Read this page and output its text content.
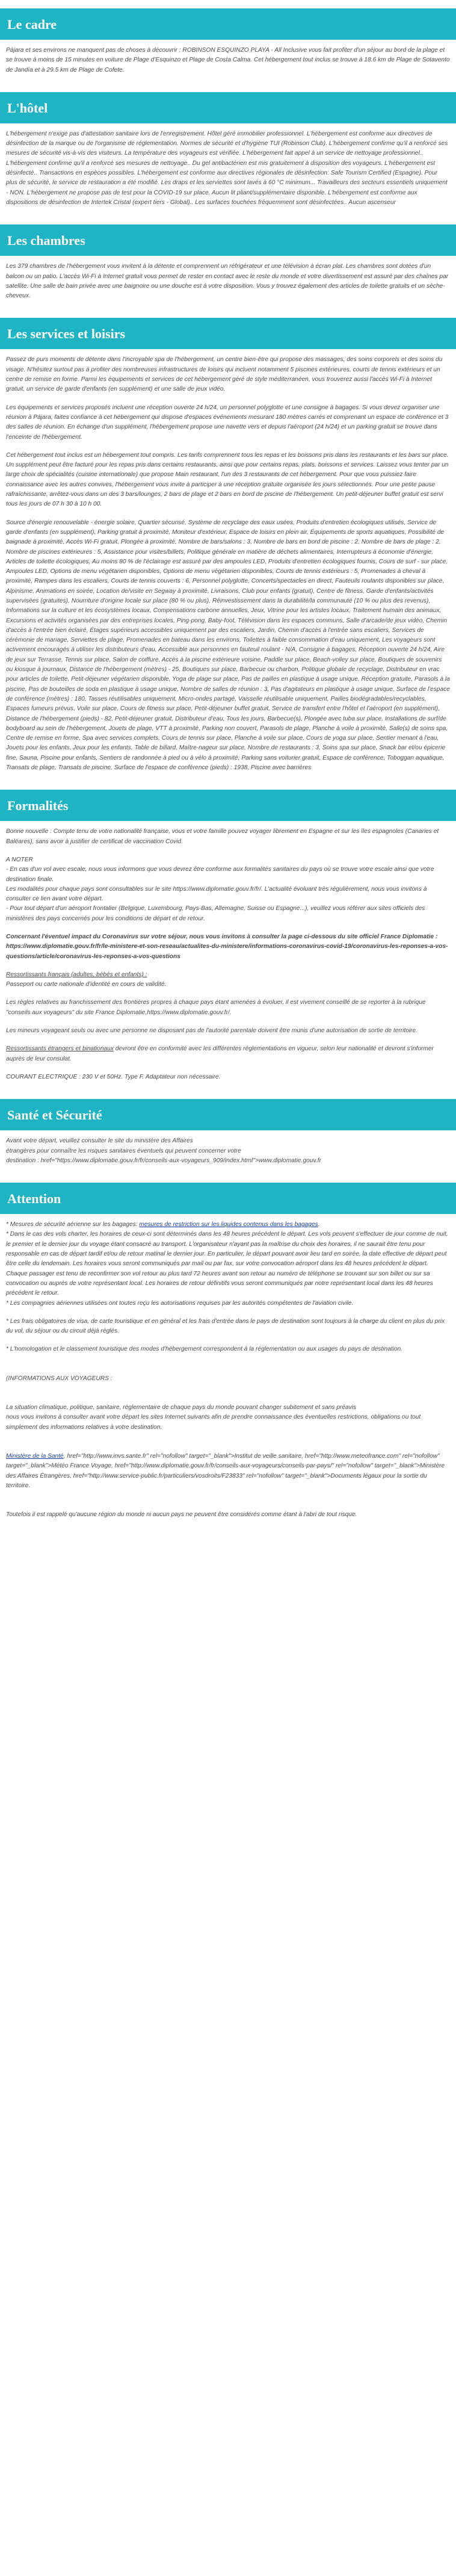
Le cadre

Pájara et ses environs ne manquent pas de choses à découvrir : ROBINSON ESQUINZO PLAYA - All Inclusive vous fait profiter d'un séjour au bord de la plage et se trouve à moins de 15 minutes en voiture de Plage d'Esquinzo et Plage de Costa Calma. Cet hébergement tout inclus se trouve à 18.6 km de Plage de Sotavento de Jandía et à 29.5 km de Plage de Cofete.

L'hôtel

L'hébergement n'exige pas d'attestation sanitaire lors de l'enregistrement. Hôtel géré immobilier professionnel. L'hébergement est conforme aux directives de désinfection de la marque ou de l'organisme de réglementation. Normes de sécurité et d'hygiène TUI (Robinson Club). L'hébergement confirme qu'il a renforcé ses mesures de sécurité vis-à-vis des visiteurs. La température des voyageurs est vérifiée. L'hébergement fait appel à un service de nettoyage professionnel.. L'hébergement confirme qu'il a renforcé ses mesures de nettoyage.. Du gel antibactérien est mis gratuitement à disposition des voyageurs. L'hébergement est désinfecté.. Transactions en espèces possibles. L'hébergement est conforme aux directives régionales de désinfection: Safe Tourism Certified (Espagne). Pour plus de sécurité, le service de restauration a été modifié. Les draps et les serviettes sont lavés à 60 °C minimum... Travailleurs des secteurs essentiels uniquement - NON. L'hébergement ne propose pas de test pour la COVID-19 sur place. Aucun lit pliant/supplémentaire disponible. L'hébergement est conforme aux dispositions de désinfection de Intertek Cristal (expert tiers - Global).. Les surfaces touchées fréquemment sont désinfectées.. Aucun ascenseur

Les chambres

Les 379 chambres de l'hébergement vous invitent à la détente et comprennent un réfrigérateur et une télévision à écran plat. Les chambres sont dotées d'un balcon ou un patio. L'accès Wi-Fi à Internet gratuit vous permet de rester en contact avec le reste du monde et votre divertissement est assuré par des chaînes par satellite. Une salle de bain privée avec une baignoire ou une douche est à votre disposition. Vous y trouvez également des articles de toilette gratuits et un sèche-cheveux.

Les services et loisirs

Passez de purs moments de détente dans l'incroyable spa de l'hébergement, un centre bien-être qui propose des massages, des soins corporels et des soins du visage. N'hésitez surtout pas à profiter des nombreuses infrastructures de loisirs qui incluent notamment 5 piscines extérieures, courts de tennis extérieurs et un centre de remise en forme. Parmi les équipements et services de cet hébergement géré de style méditerranéen, vous trouverez aussi l'accès Wi-Fi à Internet gratuit, un service de garde d'enfants (en supplément) et une salle de jeux vidéo.

Les équipements et services proposés incluent une réception ouverte 24 h/24, un personnel polyglotte et une consigne à bagages. Si vous devez organiser une réunion à Pájara, faites confiance à cet hébergement qui dispose d'espaces événements mesurant 180 mètres carrés et comprenant un espace de conférence et 3 des salles de réunion. En échange d'un supplément, l'hébergement propose une navette vers et depuis l'aéroport (24 h/24) et un parking gratuit se trouve dans l'enceinte de l'hébergement.

Cet hébergement tout inclus est un hébergement tout compris. Les tarifs comprennent tous les repas et les boissons pris dans les restaurants et les bars sur place. Un supplément peut être facturé pour les repas pris dans certains restaurants, ainsi que pour certains repas, plats, boissons et services. Laissez vous tenter par un large choix de spécialités (cuisine internationale) que propose Main restaurant, l'un des 3 restaurants de cet hébergement. Pour que vous puissiez faire connaissance avec les autres convives, l'hébergement vous invite à participer à une réception gratuite organisée les jours sélectionnés. Pour une petite pause rafraîchissante, arrêtez-vous dans un des 3 bars/lounges, 2 bars de plage et 2 bars en bord de piscine de l'hébergement. Un petit-déjeuner buffet gratuit est servi tous les jours de 07 h 30 à 10 h 00.

Source d'énergie renouvelable - énergie solaire, Quartier sécurisé, Système de recyclage des eaux usées, Produits d'entretien écologiques utilisés, Service de garde d'enfants (en supplément), Parking gratuit à proximité, Moniteur d'extérieur, Espace de loisirs en plein air, Équipements de sports aquatiques, Possibilité de baignade à proximité, Accès Wi-Fi gratuit, Plongée à proximité, Nombre de bars/salons : 3, Nombre de bars en bord de piscine : 2, Nombre de bars de plage : 2, Nombre de piscines extérieures : 5, Assistance pour visites/billets, Politique générale en matière de déchets alimentaires, Interrupteurs à économie d'énergie, Articles de toilette écologiques, Au moins 80 % de l'éclairage est assuré par des ampoules LED, Produits d'entretien écologiques fournis, Cours de surf - sur place, Ampoules LED, Options de menu végétarien disponibles, Options de menu végétarien disponibles, Courts de tennis extérieurs : 5, Promenades à cheval à proximité, Rampes dans les escaliers, Courts de tennis couverts : 6, Personnel polyglotte, Concerts/spectacles en direct, Fauteuils roulants disponibles sur place, Alpinisme, Animations en soirée, Location de/visite en Segway à proximité, Livraisons, Club pour enfants (gratuit), Centre de fitness, Garde d'enfants/activités supervisées (gratuites), Nourriture d'origine locale sur place (80 % ou plus), Réinvestissement dans la durabilité/la communauté (10 % ou plus des revenus), Informations sur la culture et les écosystèmes locaux, Compensations carbone annuelles, Jeux, Vitrine pour les artistes locaux, Traitement humain des animaux, Excursions et activités organisées par des entreprises locales, Ping-pong, Baby-foot, Télévision dans les espaces communs, Salle d'arcade/de jeux vidéo, Chemin d'accès à l'entrée bien éclairé, Étages supérieurs accessibles uniquement par des escaliers, Jardin, Chemin d'accès à l'entrée sans escaliers, Services de cérémonie de mariage, Serviettes de plage, Promenades en bateau dans les environs, Toilettes à faible consommation d'eau uniquement, Les voyageurs sont activement encouragés à utiliser les distributeurs d'eau, Accessible aux personnes en fauteuil roulant - N/A, Consigne à bagages, Réception ouverte 24 h/24, Aire de jeux sur Terrasse, Tennis sur place, Salon de coiffure, Accès à la piscine extérieure voisine, Paddle sur place, Beach-volley sur place, Boutiques de souvenirs ou kiosque à journaux, Distance de l'hébergement (mètres) - 25, Boutiques sur place, Barbecue ou charbon, Politique globale de recyclage, Distributeur en vrac pour articles de toilette, Petit-déjeuner végétarien disponible, Yoga de plage sur place, Pas de pailles en plastique à usage unique, Réception gratuite, Parasols à la piscine, Pas de bouteilles de soda en plastique à usage unique, Nombre de salles de réunion : 3, Pas d'agitateurs en plastique à usage unique, Surface de l'espace de conférence (mètres) : 180, Tasses réutilisables uniquement, Micro-ondes partagé, Vaisselle réutilisable uniquement, Pailles biodégradables/recyclables, Espaces fumeurs prévus, Voile sur place, Cours de fitness sur place, Petit-déjeuner buffet gratuit, Service de transfert entre l'hôtel et l'aéroport (en supplément), Distance de l'hébergement (pieds) - 82, Petit-déjeuner gratuit, Distributeur d'eau, Tous les jours, Barbecue(s), Plongée avec tuba sur place, Installations de surf/de bodyboard au sein de l'hébergement, Jouets de plage, VTT à proximité, Parking non couvert, Parasols de plage, Planche à voile à proximité, Salle(s) de soins spa, Centre de remise en forme, Spa avec services complets, Cours de tennis sur place, Planche à voile sur place, Cours de yoga sur place, Sentier menant à l'eau, Jouets pour les enfants, Jeux pour les enfants, Table de billard, Maître-nageur sur place, Nombre de restaurants : 3, Soins spa sur place, Snack bar et/ou épicerie fine, Sauna, Piscine pour enfants, Sentiers de randonnée à pied ou à vélo à proximité, Parking sans voiturier gratuit, Espace de conférence, Toboggan aquatique, Transats de plage, Transats de piscine, Surface de l'espace de conférence (pieds) : 1938, Piscine avec barrières

Formalités

Bonne nouvelle : Compte tenu de votre nationalité française, vous et votre famille pouvez voyager librement en Espagne et sur les îles espagnoles (Canaries et Baléares), sans avoir à justifier de certificat de vaccination Covid.

A NOTER
- En cas d'un vol avec escale, nous vous informons que vous devrez être conforme aux formalités sanitaires du pays où se trouve votre escale ainsi que votre destination finale.
Les modalités pour chaque pays sont consultables sur le site https://www.diplomatie.gouv.fr/fr/. L'actualité évoluant très régulièrement, nous vous invitons à consulter ce lien avant votre départ.
- Pour tout départ d'un aéroport frontalier (Belgique, Luxembourg, Pays-Bas, Allemagne, Suisse ou Espagne...), veuillez vous référer aux sites officiels des ministères des pays concernés pour les conditions de départ et de retour.

Concernant l'éventuel impact du Coronavirus sur votre séjour, nous vous invitons à consulter la page ci-dessous du site officiel France Diplomatie :
https://www.diplomatie.gouv.fr/fr/le-ministere-et-son-reseau/actualites-du-ministere/informations-coronavirus-covid-19/coronavirus-les-reponses-a-vos-questions/article/coronavirus-les-reponses-a-vos-questions

Ressortissants français (adultes, bébés et enfants) :

Passeport ou carte nationale d'identité en cours de validité.

Les règles relatives au franchissement des frontières propres à chaque pays étant amenées à évoluer, il est vivement conseillé de se reporter à la rubrique "conseils aux voyageurs" du site France Diplomatie,https://www.diplomatie.gouv.fr/.

Les mineurs voyageant seuls ou avec une personne ne disposant pas de l'autorité parentale doivent être munis d'une autorisation de sortie de territoire.

Ressortissants étrangers et binationaux devront être en conformité avec les différentes réglementations en vigueur, selon leur nationalité et devront s'informer auprès de leur consulat.

COURANT ELECTRIQUE : 230 V et 50Hz. Type F. Adaptateur non nécessaire.

Santé et Sécurité

Avant votre départ, veuillez consulter le site du ministère des Affaires
étrangères pour connaître les risques sanitaires éventuels qui peuvent concerner votre
destination : href="https://www.diplomatie.gouv.fr/fr/conseils-aux-voyageurs_909/index.html">www.diplomatie.gouv.fr

Attention

* Mesures de sécurité aérienne sur les bagages: mesures de restriction sur les liquides contenus dans les bagages.
* Dans le cas des vols charter, les horaires de ceux-ci sont déterminés dans les 48 heures précédent le départ. Les vols peuvent s'effectuer de jour comme de nuit, le premier et le dernier jour du voyage étant consacré au transport. L'organisateur n'ayant pas la maîtrise du choix des horaires, il ne saurait être tenu pour responsable en cas de départ tardif et/ou de retour matinal le dernier jour. En particulier, le départ pouvant avoir lieu tard en soirée, la date effective de départ peut être celle du lendemain. Les horaires vous seront communiqués par mail ou par fax, sur votre convocation aéroport dans les 48 heures précédent le départ. Chaque passager est tenu de reconfirmer son vol retour au plus tard 72 heures avant son retour au numéro de téléphone se trouvant sur son billet ou sur sa convocation ou auprès de votre représentant local. Les horaires de retour définitifs vous seront communiqués par notre représentant local dans les 48 heures précédent le retour.
* Les compagnies aériennes utilisées ont toutes reçu les autorisations requises par les autorités compétentes de l'aviation civile.

* Les frais obligatoires de visa, de carte touristique et en général et les frais d'entrée dans le pays de destination sont toujours à la charge du client en plus du prix du vol, du séjour ou du circuit déjà réglés.

* L'homologation et le classement touristique des modes d'hébergement correspondent à la réglementation ou aux usages du pays de destination.

(INFORMATIONS AUX VOYAGEURS :

La situation climatique, politique, sanitaire, réglementaire de chaque pays du monde pouvant changer subitement et sans préavis
nous vous invitons à consulter avant votre départ les sites Internet suivants afin de prendre connaissance des éventuelles restrictions, obligations ou tout simplement des informations relatives à votre destination.

Ministère de la Santé, href="http://www.invs.sante.fr" rel="nofollow" target="_blank">Institut de veille sanitaire, href="http://www.meteofrance.com" rel="nofollow" target="_blank">Météo France Voyage, href="http://www.diplomatie.gouv.fr/fr/conseils-aux-voyageurs/conseils-par-pays/" rel="nofollow" target="_blank">Ministère des Affaires Étrangères, href="http://www.service-public.fr/particuliers/vosdroits/F23833" rel="nofollow" target="_blank">Documents légaux pour la sortie du territoire.

Toutefois il est rappelé qu'aucune région du monde ni aucun pays ne peuvent être considérés comme étant à l'abri de tout risque.
